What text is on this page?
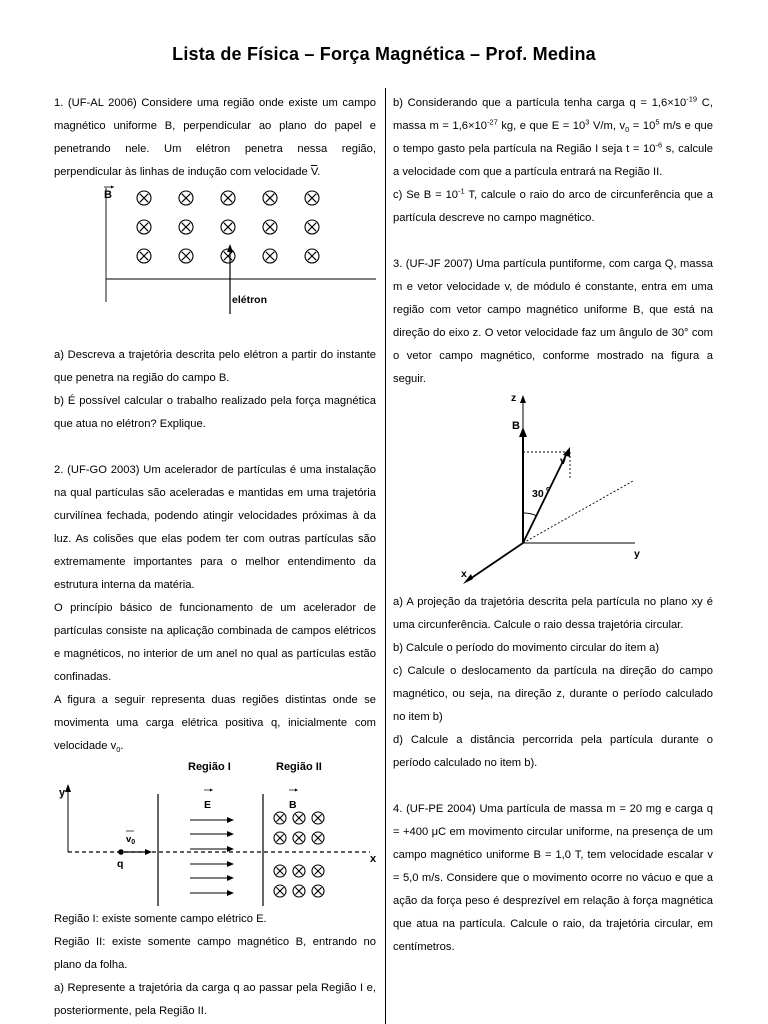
Lista de Física – Força Magnética – Prof. Medina

1. (UF-AL 2006) Considere uma região onde existe um campo magnético uniforme B, perpendicular ao plano do papel e penetrando nele. Um elétron penetra nessa região, perpendicular às linhas de indução com velocidade $\overline{V}$.

B
elétron

a) Descreva a trajetória descrita pelo elétron a partir do instante que penetra na região do campo B.

b) É possível calcular o trabalho realizado pela força magnética que atua no elétron? Explique.

2. (UF-GO 2003) Um acelerador de partículas é uma instalação na qual partículas são aceleradas e mantidas em uma trajetória curvilínea fechada, podendo atingir velocidades próximas à da luz. As colisões que elas podem ter com outras partículas são extremamente importantes para o melhor entendimento da estrutura interna da matéria.

O princípio básico de funcionamento de um acelerador de partículas consiste na aplicação combinada de campos elétricos e magnéticos, no interior de um anel no qual as partículas estão confinadas.

A figura a seguir representa duas regiões distintas onde se movimenta uma carga elétrica positiva q, inicialmente com velocidade $v_0$.

Região I	Região II
y
x
q
$v_0$
E	B

Região I: existe somente campo elétrico E.

Região II: existe somente campo magnético B, entrando no plano da folha.

a) Represente a trajetória da carga q ao passar pela Região I e, posteriormente, pela Região II.

b) Considerando que a partícula tenha carga $q = 1,6\times 10^{-19}$ C, massa $m = 1,6\times 10^{-27}$ kg, e que $E = 10^3$ V/m, $v_0 = 10^5$ m/s e que o tempo gasto pela partícula na Região I seja $t = 10^{-6}$ s, calcule a velocidade com que a partícula entrará na Região II.

c) Se $B = 10^{-1}$ T, calcule o raio do arco de circunferência que a partícula descreve no campo magnético.

3. (UF-JF 2007) Uma partícula puntiforme, com carga Q, massa m e vetor velocidade v, de módulo é constante, entra em uma região com vetor campo magnético uniforme B, que está na direção do eixo z. O vetor velocidade faz um ângulo de 30° com o vetor campo magnético, conforme mostrado na figura a seguir.

z
B
y
x
v
30 o

a) A projeção da trajetória descrita pela partícula no plano xy é uma circunferência. Calcule o raio dessa trajetória circular.

b) Calcule o período do movimento circular do item a)

c) Calcule o deslocamento da partícula na direção do campo magnético, ou seja, na direção z, durante o período calculado no item b)

d) Calcule a distância percorrida pela partícula durante o período calculado no item b).

4. (UF-PE 2004) Uma partícula de massa m = 20 mg e carga q = +400 μC em movimento circular uniforme, na presença de um campo magnético uniforme B = 1,0 T, tem velocidade escalar v = 5,0 m/s. Considere que o movimento ocorre no vácuo e que a ação da força peso é desprezível em relação à força magnética que atua na partícula. Calcule o raio, da trajetória circular, em centímetros.
